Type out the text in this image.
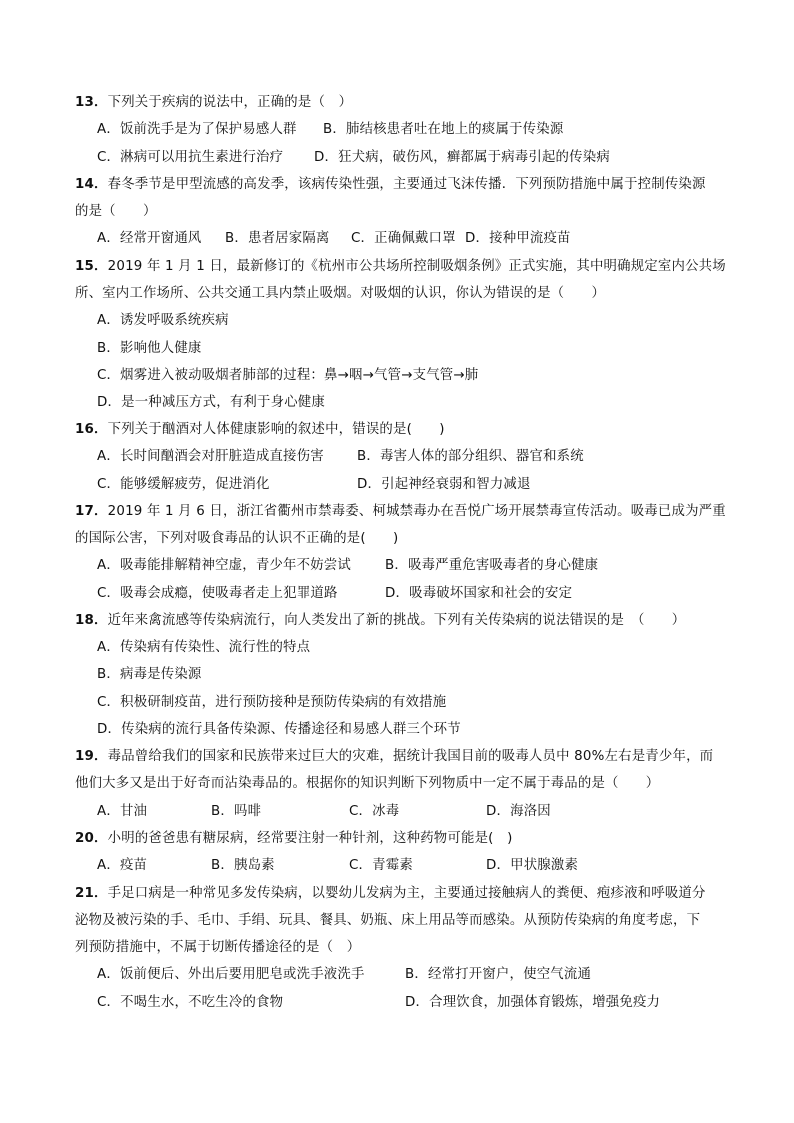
13．下列关于疾病的说法中，正确的是（　）
A．饭前洗手是为了保护易感人群 B．肺结核患者吐在地上的痰属于传染源
C．淋病可以用抗生素进行治疗 D．狂犬病，破伤风，癣都属于病毒引起的传染病
14．春冬季节是甲型流感的高发季，该病传染性强，主要通过飞沫传播．下列预防措施中属于控制传染源
的是（　　）
A．经常开窗通风 B．患者居家隔离 C．正确佩戴口罩 D．接种甲流疫苗
15．2019 年 1 月 1 日，最新修订的《杭州市公共场所控制吸烟条例》正式实施，其中明确规定室内公共场
所、室内工作场所、公共交通工具内禁止吸烟。对吸烟的认识，你认为错误的是（　　）
A．诱发呼吸系统疾病
B．影响他人健康
C．烟雾进入被动吸烟者肺部的过程：鼻→咽→气管→支气管→肺
D．是一种减压方式，有利于身心健康
16．下列关于酗酒对人体健康影响的叙述中，错误的是(　　)
A．长时间酗酒会对肝脏造成直接伤害 B．毒害人体的部分组织、器官和系统
C．能够缓解疲劳，促进消化	D．引起神经衰弱和智力减退
17．2019 年 1 月 6 日，浙江省衢州市禁毒委、柯城禁毒办在吾悦广场开展禁毒宣传活动。吸毒已成为严重
的国际公害，下列对吸食毒品的认识不正确的是(　　)
A．吸毒能排解精神空虚，青少年不妨尝试	B．吸毒严重危害吸毒者的身心健康
C．吸毒会成瘾，使吸毒者走上犯罪道路	D．吸毒破坏国家和社会的安定
18．近年来禽流感等传染病流行，向人类发出了新的挑战。下列有关传染病的说法错误的是　（　　）
A．传染病有传染性、流行性的特点
B．病毒是传染源
C．积极研制疫苗，进行预防接种是预防传染病的有效措施
D．传染病的流行具备传染源、传播途径和易感人群三个环节
19．毒品曾给我们的国家和民族带来过巨大的灾难，据统计我国目前的吸毒人员中 80%左右是青少年，而
他们大多又是出于好奇而沾染毒品的。根据你的知识判断下列物质中一定不属于毒品的是（　　）
A．甘油	B．吗啡	C．冰毒	D．海洛因
20．小明的爸爸患有糖尿病，经常要注射一种针剂，这种药物可能是(　)
A．疫苗	B．胰岛素	C．青霉素	D．甲状腺激素
21．手足口病是一种常见多发传染病，以婴幼儿发病为主，主要通过接触病人的粪便、疱疹液和呼吸道分
泌物及被污染的手、毛巾、手绢、玩具、餐具、奶瓶、床上用品等而感染。从预防传染病的角度考虑，下
列预防措施中，不属于切断传播途径的是（　）
A．饭前便后、外出后要用肥皂或洗手液洗手	B．经常打开窗户，使空气流通
C．不喝生水，不吃生冷的食物	D．合理饮食，加强体育锻炼，增强免疫力
